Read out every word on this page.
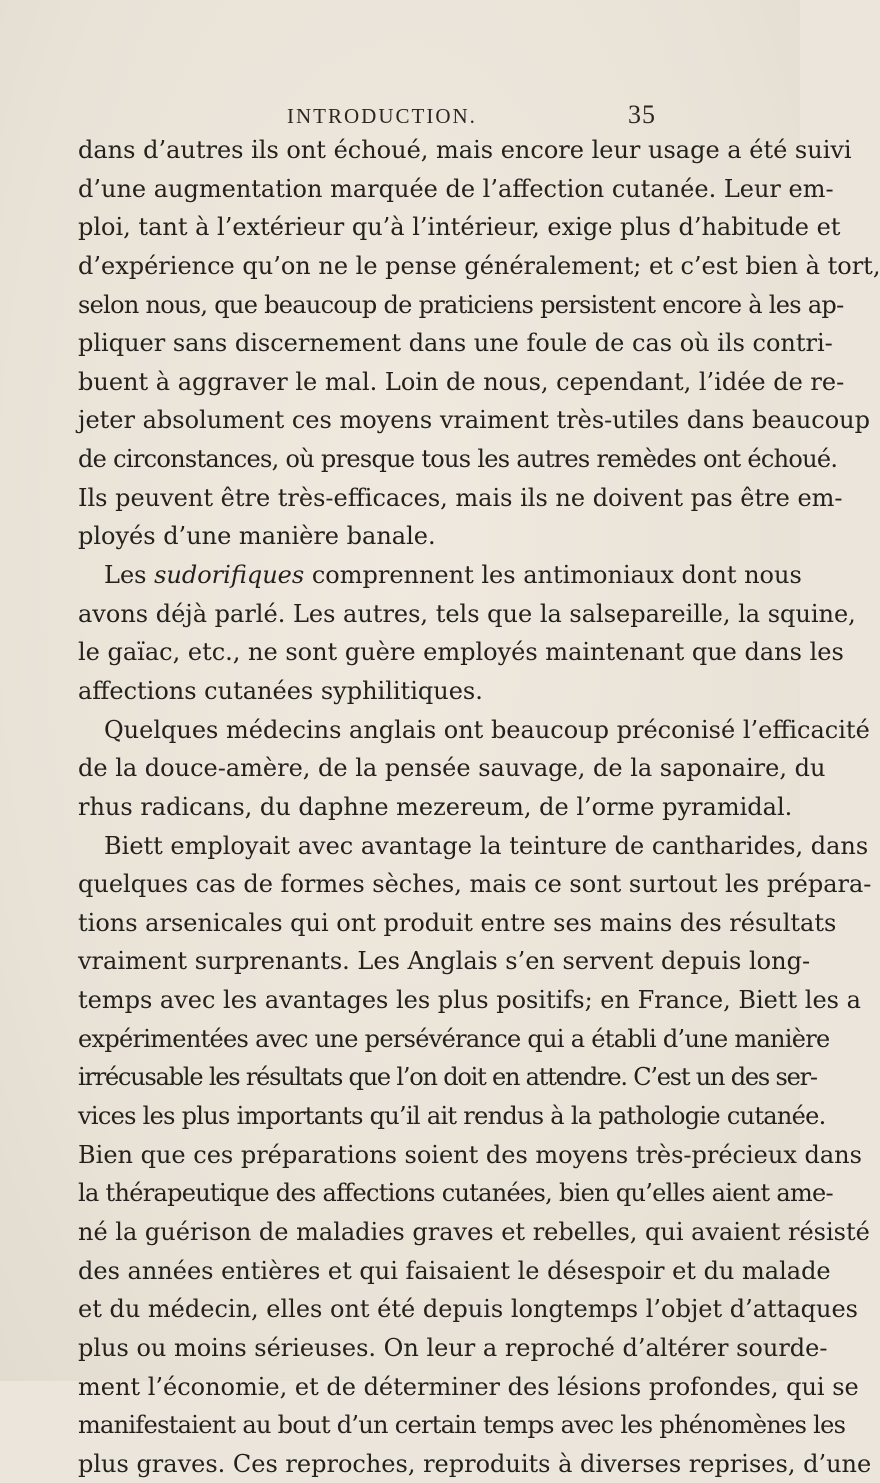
INTRODUCTION.	35
dans d’autres ils ont échoué, mais encore leur usage a été suivi
d’une augmentation marquée de l’affection cutanée. Leur em-
ploi, tant à l’extérieur qu’à l’intérieur, exige plus d’habitude et
d’expérience qu’on ne le pense généralement; et c’est bien à tort,
selon nous, que beaucoup de praticiens persistent encore à les ap-
pliquer sans discernement dans une foule de cas où ils contri-
buent à aggraver le mal. Loin de nous, cependant, l’idée de re-
jeter absolument ces moyens vraiment très-utiles dans beaucoup
de circonstances, où presque tous les autres remèdes ont échoué.
Ils peuvent être très-efficaces, mais ils ne doivent pas être em-
ployés d’une manière banale.
Les sudorifiques comprennent les antimoniaux dont nous
avons déjà parlé. Les autres, tels que la salsepareille, la squine,
le gaïac, etc., ne sont guère employés maintenant que dans les
affections cutanées syphilitiques.
Quelques médecins anglais ont beaucoup préconisé l’efficacité
de la douce-amère, de la pensée sauvage, de la saponaire, du
rhus radicans, du daphne mezereum, de l’orme pyramidal.
Biett employait avec avantage la teinture de cantharides, dans
quelques cas de formes sèches, mais ce sont surtout les prépara-
tions arsenicales qui ont produit entre ses mains des résultats
vraiment surprenants. Les Anglais s’en servent depuis long-
temps avec les avantages les plus positifs; en France, Biett les a
expérimentées avec une persévérance qui a établi d’une manière
irrécusable les résultats que l’on doit en attendre. C’est un des ser-
vices les plus importants qu’il ait rendus à la pathologie cutanée.
Bien que ces préparations soient des moyens très-précieux dans
la thérapeutique des affections cutanées, bien qu’elles aient ame-
né la guérison de maladies graves et rebelles, qui avaient résisté
des années entières et qui faisaient le désespoir et du malade
et du médecin, elles ont été depuis longtemps l’objet d’attaques
plus ou moins sérieuses. On leur a reproché d’altérer sourde-
ment l’économie, et de déterminer des lésions profondes, qui se
manifestaient au bout d’un certain temps avec les phénomènes les
plus graves. Ces reproches, reproduits à diverses reprises, d’une
